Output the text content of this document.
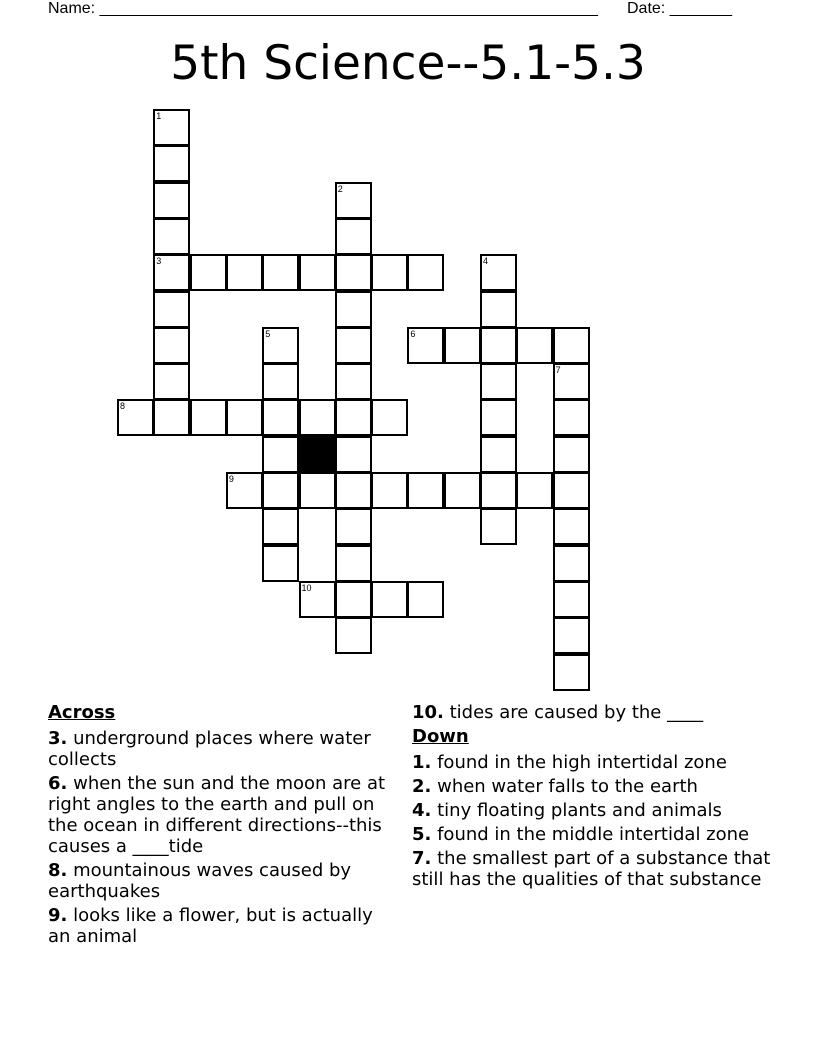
Name: ________________________________________________________ Date: _______
5th Science--5.1-5.3
1
3
2
4
5	6
7
8
9
10
Across
3. underground places where water collects
6. when the sun and the moon are at right angles to the earth and pull on the ocean in different directions--this causes a ____tide
8. mountainous waves caused by earthquakes
9. looks like a flower, but is actually an animal
10. tides are caused by the ____
Down
1. found in the high intertidal zone
2. when water falls to the earth
4. tiny floating plants and animals
5. found in the middle intertidal zone
7. the smallest part of a substance that still has the qualities of that substance
